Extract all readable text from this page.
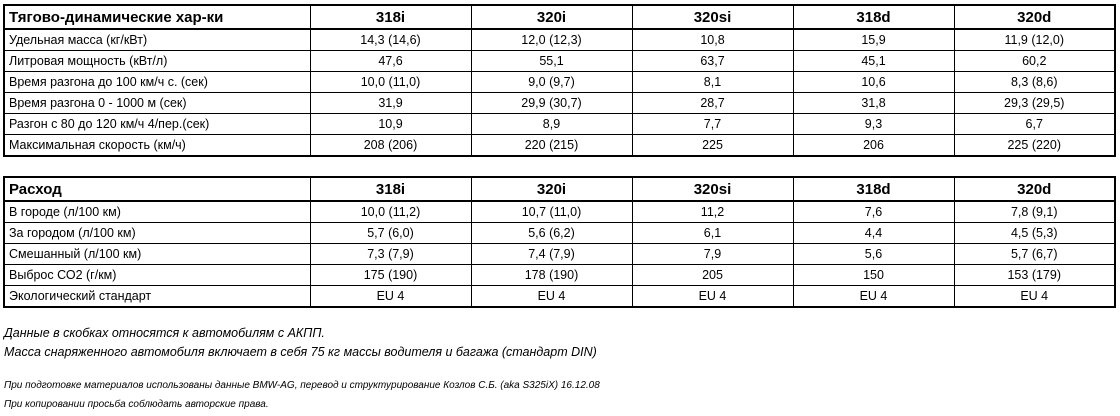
Тягово-динамические хар-ки	318i	320i	320si	318d	320d
Удельная масса (кг/кВт)	14,3 (14,6)	12,0 (12,3)	10,8	15,9	11,9 (12,0)
Литровая мощность (кВт/л)	47,6	55,1	63,7	45,1	60,2
Время разгона до 100 км/ч с. (сек)	10,0 (11,0)	9,0 (9,7)	8,1	10,6	8,3 (8,6)
Время разгона 0 - 1000 м (сек)	31,9	29,9 (30,7)	28,7	31,8	29,3 (29,5)
Разгон с 80 до 120 км/ч 4/пер.(сек)	10,9	8,9	7,7	9,3	6,7
Максимальная скорость (км/ч)	208 (206)	220 (215)	225	206	225 (220)
Расход	318i	320i	320si	318d	320d
В городе (л/100 км)	10,0 (11,2)	10,7 (11,0)	11,2	7,6	7,8 (9,1)
За городом (л/100 км)	5,7 (6,0)	5,6 (6,2)	6,1	4,4	4,5 (5,3)
Смешанный (л/100 км)	7,3 (7,9)	7,4 (7,9)	7,9	5,6	5,7 (6,7)
Выброс СО2 (г/км)	175 (190)	178 (190)	205	150	153 (179)
Экологический стандарт	EU 4	EU 4	EU 4	EU 4	EU 4
Данные в скобках относятся к автомобилям с АКПП.
Масса снаряженного автомобиля включает в себя 75 кг массы водителя и багажа (стандарт DIN)
При подготовке материалов использованы данные BMW-AG, перевод и структурирование Козлов С.Б. (aka S325iX) 16.12.08
При копировании просьба соблюдать авторские права.
